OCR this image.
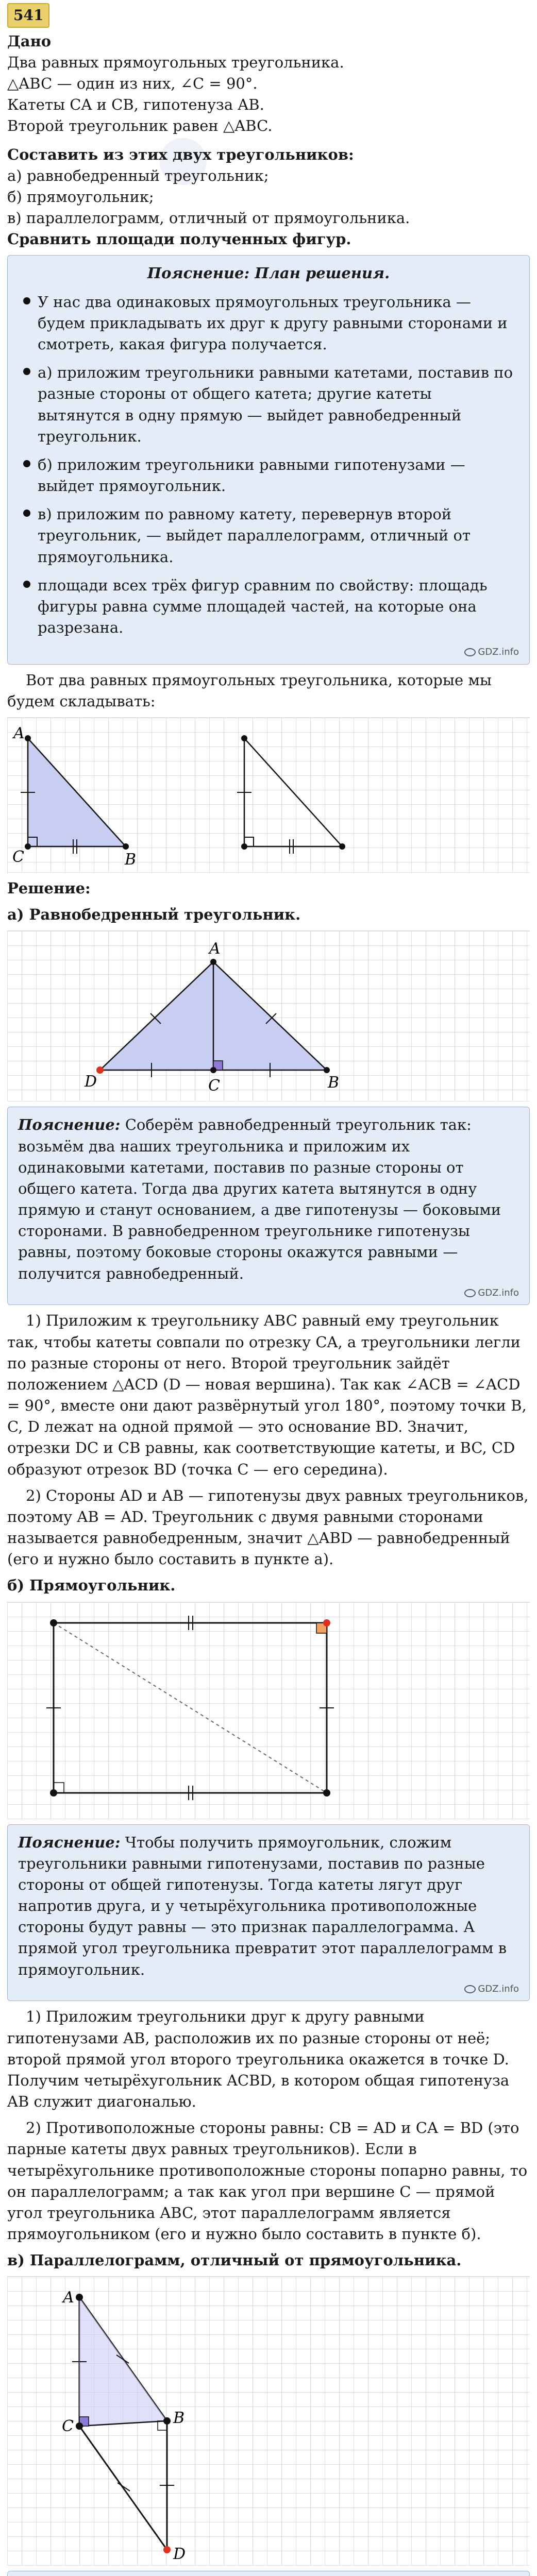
●
541

Дано

Два равных прямоугольных треугольника.

△ABC — один из них, ∠C = 90°.

Катеты CA и CB, гипотенуза AB.

Второй треугольник равен △ABC.

Составить из этих двух треугольников:

а) равнобедренный треугольник;

б) прямоугольник;

в) параллелограмм, отличный от прямоугольника.

Сравнить площади полученных фигур.

Пояснение: План решения.
У нас два одинаковых прямоугольных треугольника — будем прикладывать их друг к другу равными сторонами и смотреть, какая фигура получается.
а) приложим треугольники равными катетами, поставив по разные стороны от общего катета; другие катеты вытянутся в одну прямую — выйдет равнобедренный треугольник.
б) приложим треугольники равными гипотенузами — выйдет прямоугольник.
в) приложим по равному катету, перевернув второй треугольник, — выйдет параллелограмм, отличный от прямоугольника.
площади всех трёх фигур сравним по свойству: площадь фигуры равна сумме площадей частей, на которые она разрезана.
GDZ.info

Вот два равных прямоугольных треугольника, которые мы будем складывать:

A
C	B

Решение:

а) Равнобедренный треугольник.

A
D	C	B
Пояснение: Соберём равнобедренный треугольник так: возьмём два наших треугольника и приложим их одинаковыми катетами, поставив по разные стороны от общего катета. Тогда два других катета вытянутся в одну прямую и станут основанием, а две гипотенузы — боковыми сторонами. В равнобедренном треугольнике гипотенузы равны, поэтому боковые стороны окажутся равными — получится равнобедренный.
GDZ.info

1) Приложим к треугольнику ABC равный ему треугольник так, чтобы катеты совпали по отрезку CA, а треугольники легли по разные стороны от него. Второй треугольник зайдёт положением △ACD (D — новая вершина). Так как ∠ACB = ∠ACD = 90°, вместе они дают развёрнутый угол 180°, поэтому точки B, C, D лежат на одной прямой — это основание BD. Значит, отрезки DC и CB равны, как соответствующие катеты, и BC, CD образуют отрезок BD (точка C — его середина).

2) Стороны AD и AB — гипотенузы двух равных треугольников, поэтому AB = AD. Треугольник с двумя равными сторонами называется равнобедренным, значит △ABD — равнобедренный (его и нужно было составить в пункте а).

б) Прямоугольник.

Пояснение: Чтобы получить прямоугольник, сложим треугольники равными гипотенузами, поставив по разные стороны от общей гипотенузы. Тогда катеты лягут друг напротив друга, и у четырёхугольника противоположные стороны будут равны — это признак параллелограмма. А прямой угол треугольника превратит этот параллелограмм в прямоугольник.
GDZ.info

1) Приложим треугольники друг к другу равными гипотенузами AB, расположив их по разные стороны от неё; второй прямой угол второго треугольника окажется в точке D. Получим четырёхугольник ACBD, в котором общая гипотенуза AB служит диагональю.

2) Противоположные стороны равны: CB = AD и CA = BD (это парные катеты двух равных треугольников). Если в четырёхугольнике противоположные стороны попарно равны, то он параллелограмм; а так как угол при вершине C — прямой угол треугольника ABC, этот параллелограмм является прямоугольником (его и нужно было составить в пункте б).

в) Параллелограмм, отличный от прямоугольника.

A
C	B
D
